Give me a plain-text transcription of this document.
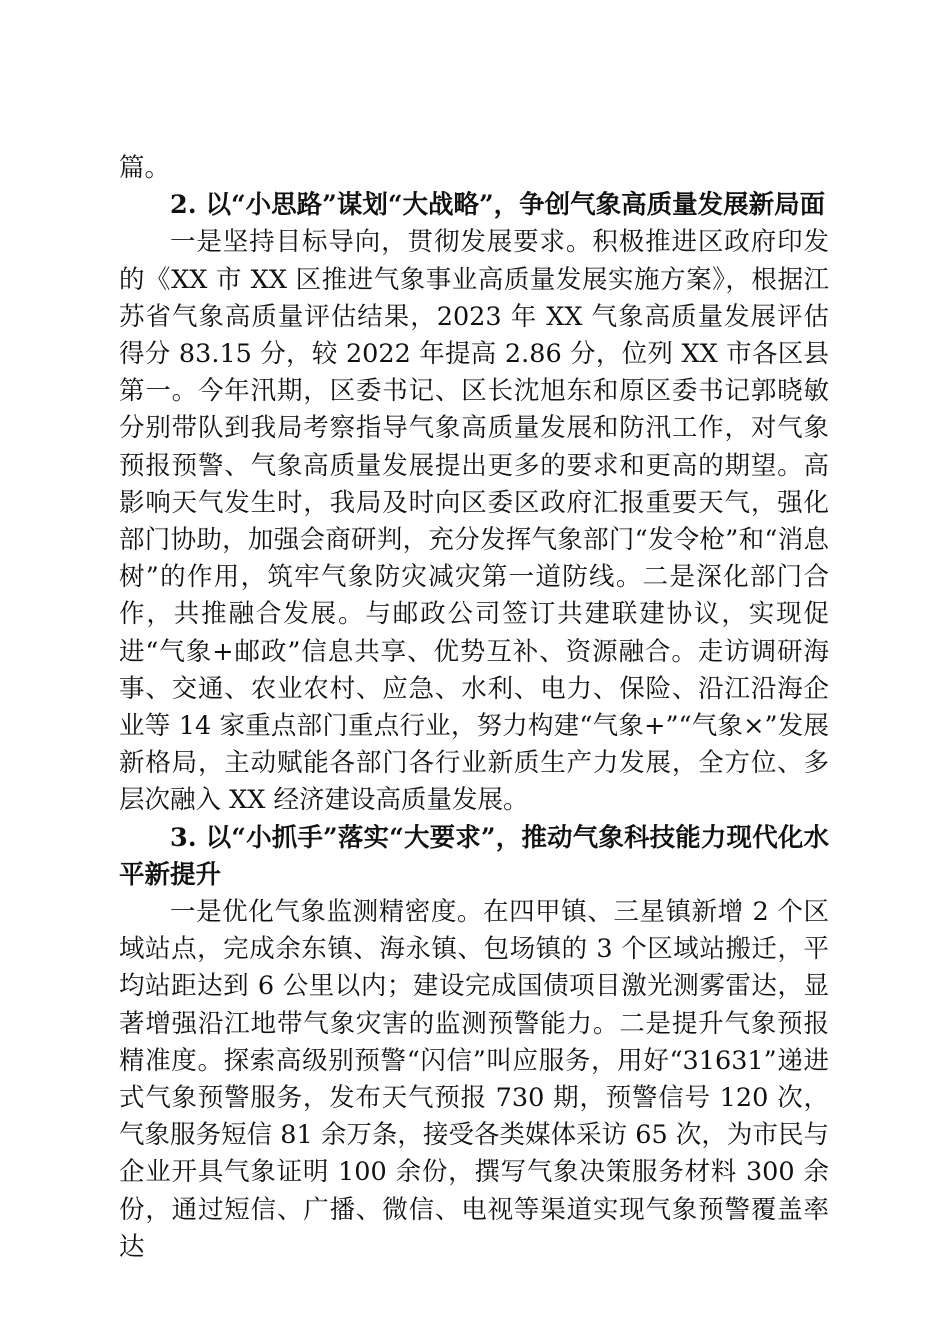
篇。

2. 以“小思路”谋划“大战略”，争创气象高质量发展新局面

一是坚持目标导向，贯彻发展要求。积极推进区政府印发的《XX 市 XX 区推进气象事业高质量发展实施方案》，根据江苏省气象高质量评估结果，2023 年 XX 气象高质量发展评估得分 83.15 分，较 2022 年提高 2.86 分，位列 XX 市各区县第一。今年汛期，区委书记、区长沈旭东和原区委书记郭晓敏分别带队到我局考察指导气象高质量发展和防汛工作，对气象预报预警、气象高质量发展提出更多的要求和更高的期望。高影响天气发生时，我局及时向区委区政府汇报重要天气，强化部门协助，加强会商研判，充分发挥气象部门“发令枪”和“消息树”的作用，筑牢气象防灾减灾第一道防线。二是深化部门合作，共推融合发展。与邮政公司签订共建联建协议，实现促进“气象+邮政”信息共享、优势互补、资源融合。走访调研海事、交通、农业农村、应急、水利、电力、保险、沿江沿海企业等 14 家重点部门重点行业，努力构建“气象+”“气象×”发展新格局，主动赋能各部门各行业新质生产力发展，全方位、多层次融入 XX 经济建设高质量发展。

3. 以“小抓手”落实“大要求”，推动气象科技能力现代化水平新提升

一是优化气象监测精密度。在四甲镇、三星镇新增 2 个区域站点，完成余东镇、海永镇、包场镇的 3 个区域站搬迁，平均站距达到 6 公里以内；建设完成国债项目激光测雾雷达，显著增强沿江地带气象灾害的监测预警能力。二是提升气象预报精准度。探索高级别预警“闪信”叫应服务，用好“31631”递进式气象预警服务，发布天气预报 730 期，预警信号 120 次，气象服务短信 81 余万条，接受各类媒体采访 65 次，为市民与企业开具气象证明 100 余份，撰写气象决策服务材料 300 余份，通过短信、广播、微信、电视等渠道实现气象预警覆盖率达
